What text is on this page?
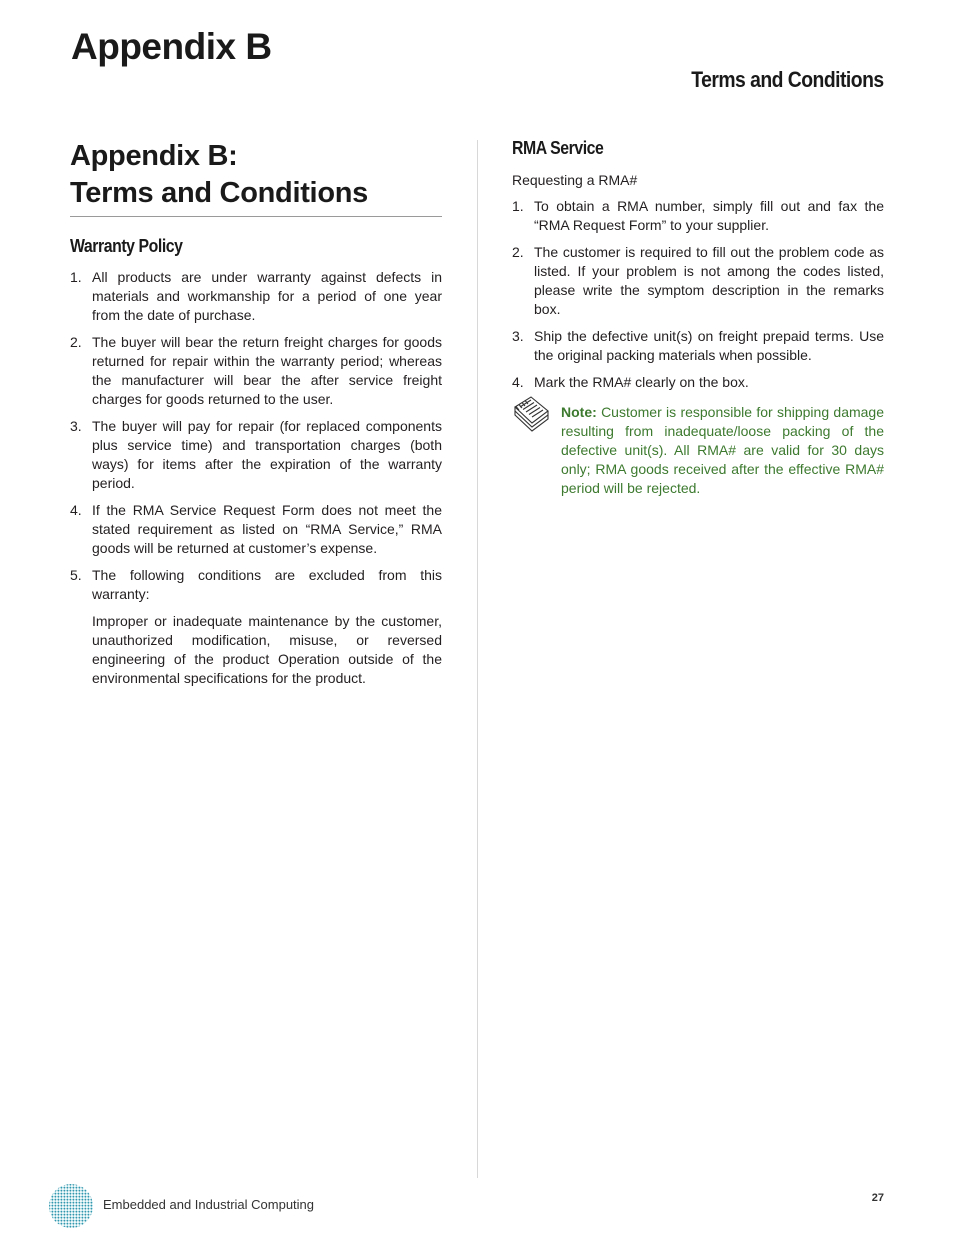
Appendix B
Terms and Conditions
Appendix B:
Terms and Conditions
Warranty Policy
1. All products are under warranty against defects in materials and workmanship for a period of one year from the date of purchase.
2. The buyer will bear the return freight charges for goods returned for repair within the warranty period; whereas the manufacturer will bear the after service freight charges for goods returned to the user.
3. The buyer will pay for repair (for replaced components plus service time) and transportation charges (both ways) for items after the expiration of the warranty period.
4. If the RMA Service Request Form does not meet the stated requirement as listed on “RMA Service,” RMA goods will be returned at customer’s expense.
5. The following conditions are excluded from this warranty:
Improper or inadequate maintenance by the customer, unauthorized modification, misuse, or reversed engineering of the product Operation outside of the environmental specifications for the product.
RMA Service
Requesting a RMA#
1. To obtain a RMA number, simply fill out and fax the “RMA Request Form” to your supplier.
2. The customer is required to fill out the problem code as listed. If your problem is not among the codes listed, please write the symptom description in the remarks box.
3. Ship the defective unit(s) on freight prepaid terms. Use the original packing materials when possible.
4. Mark the RMA# clearly on the box.
Note: Customer is responsible for shipping damage resulting from inadequate/loose packing of the defective unit(s). All RMA# are valid for 30 days only; RMA goods received after the effective RMA# period will be rejected.
Embedded and Industrial Computing	27
